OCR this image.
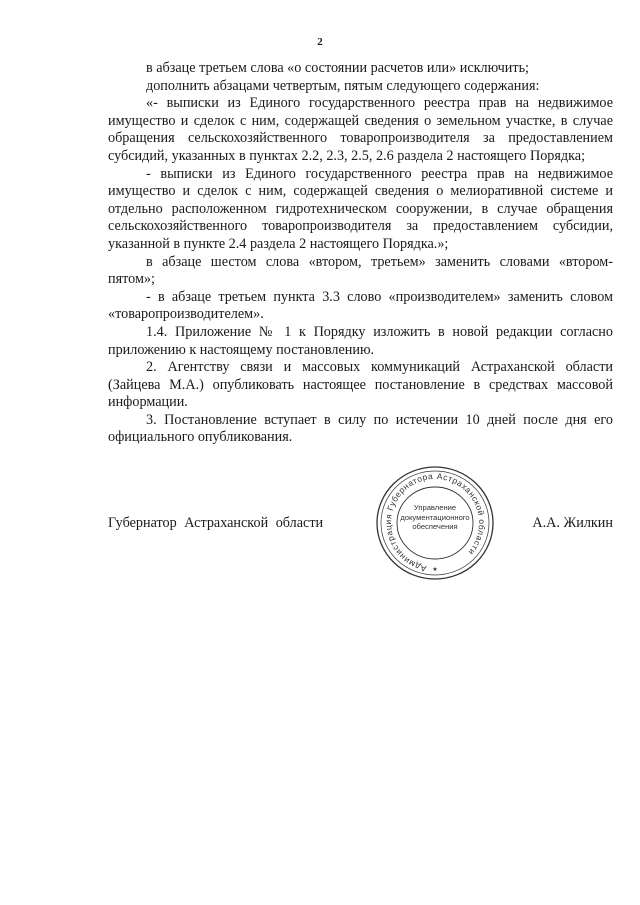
2

в абзаце третьем слова «о состоянии расчетов или» исключить;

дополнить абзацами четвертым, пятым следующего содержания:

«- выписки из Единого государственного реестра прав на недвижимое имущество и сделок с ним, содержащей сведения о земельном участке, в случае обращения сельскохозяйственного товаропроизводителя за предоставлением субсидий, указанных в пунктах 2.2, 2.3, 2.5, 2.6 раздела 2 настоящего Порядка;

- выписки из Единого государственного реестра прав на недвижимое имущество и сделок с ним, содержащей сведения о мелиоративной системе и отдельно расположенном гидротехническом сооружении, в случае обращения сельскохозяйственного товаропроизводителя за предоставлением субсидии, указанной в пункте 2.4 раздела 2 настоящего Порядка.»;

в абзаце шестом слова «втором, третьем» заменить словами «втором-пятом»;

- в абзаце третьем пункта 3.3 слово «производителем» заменить словом «товаропроизводителем».

1.4. Приложение № 1 к Порядку изложить в новой редакции согласно приложению к настоящему постановлению.

2. Агентству связи и массовых коммуникаций Астраханской области (Зайцева М.А.) опубликовать настоящее постановление в средствах массовой информации.

3. Постановление вступает в силу по истечении 10 дней после дня его официального опубликования.

Губернатор Астраханской области	А.А. Жилкин
Администрация Губернатора Астраханской области
★
Управление
документационного
обеспечения
